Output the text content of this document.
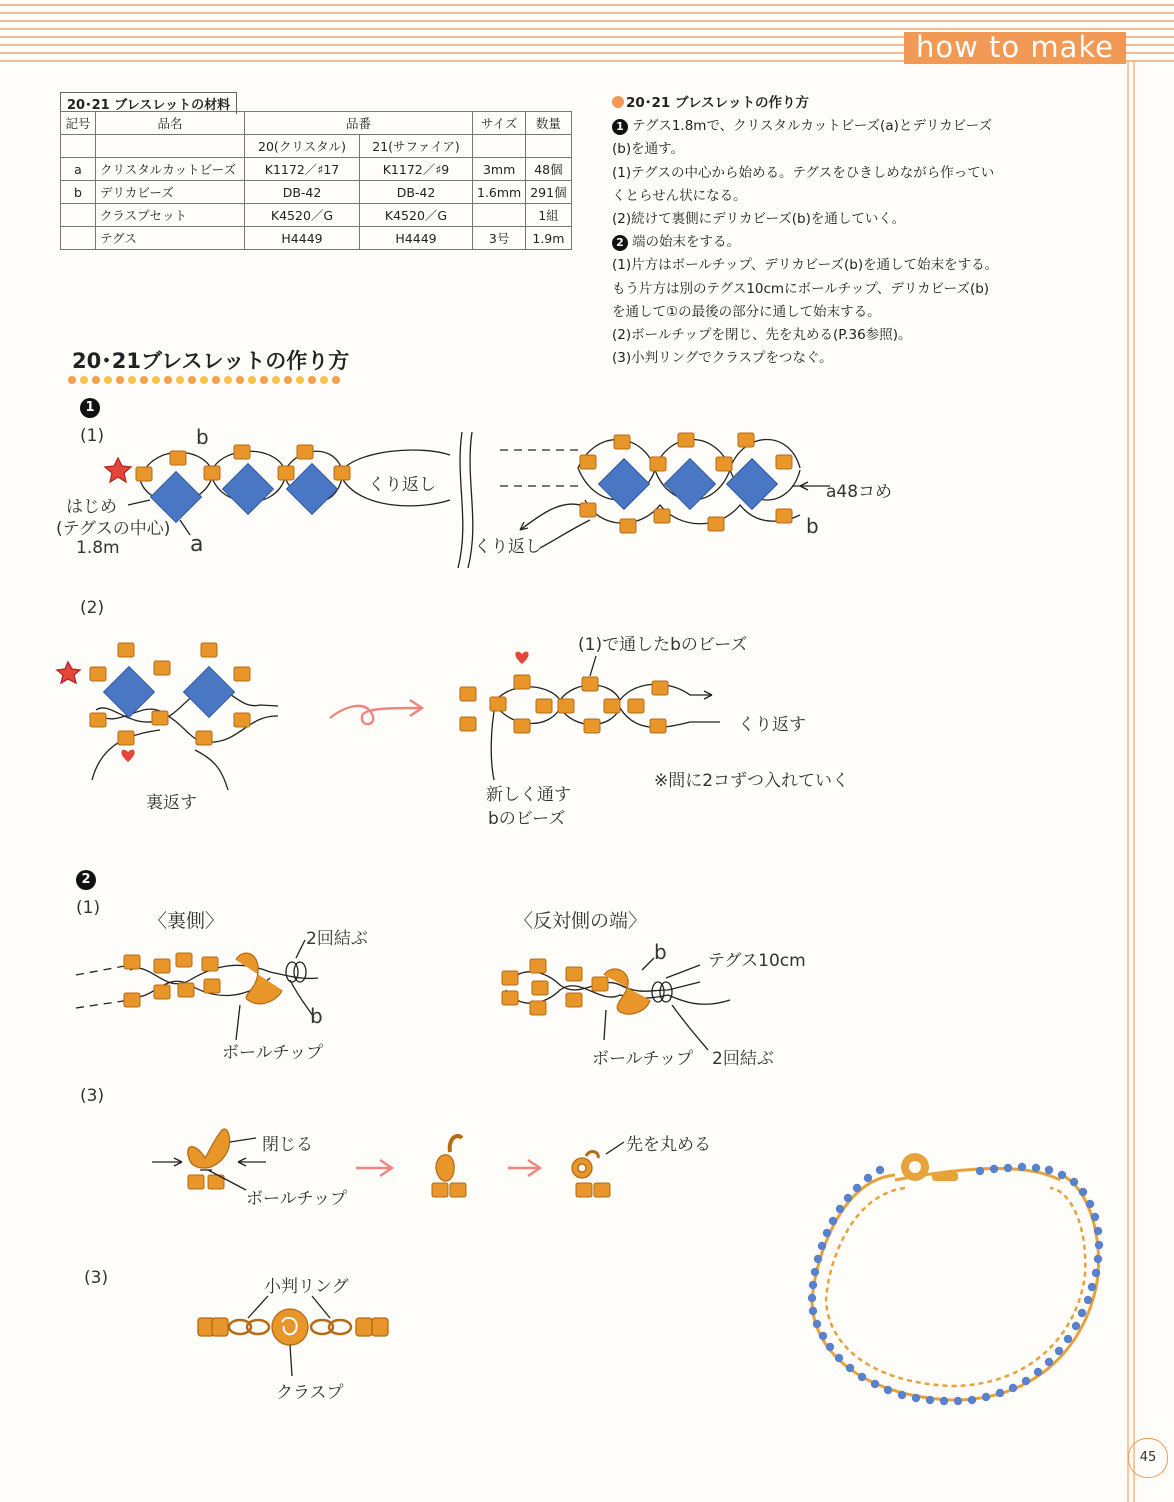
how to make
20･21 ブレスレットの材料
記号	品名	品番		サイズ	数量
		20(クリスタル)	21(サファイア)		
a	クリスタルカットビーズ	K1172／♯17	K1172／♯9	3mm	48個
b	デリカビーズ	DB-42	DB-42	1.6mm	291個
	クラスプセット	K4520／G	K4520／G		1組
	テグス	H4449	H4449	3号	1.9m
20･21 ブレスレットの作り方
1 テグス1.8mで、クリスタルカットビーズ(a)とデリカビーズ
(b)を通す。
(1)テグスの中心から始める。テグスをひきしめながら作ってい
くとらせん状になる。
(2)続けて裏側にデリカビーズ(b)を通していく。
2 端の始末をする。
(1)片方はボールチップ、デリカビーズ(b)を通して始末をする。
もう片方は別のテグス10cmにボールチップ、デリカビーズ(b)
を通して①の最後の部分に通して始末する。
(2)ボールチップを閉じ、先を丸める(P.36参照)。
(3)小判リングでクラスプをつなぐ。
20･21ブレスレットの作り方
1
2
(1)	b
はじめ
(テグスの中心)
1.8m	a
くり返し
くり返し
a48コめ
b
(2)
(1)で通したbのビーズ
くり返す
裏返す	新しく通す
bのビーズ
※間に2コずつ入れていく
(1)
〈裏側〉	〈反対側の端〉
2回結ぶ
b
ボールチップ
b テグス10cm
ボールチップ 2回結ぶ
(3)
閉じる
ボールチップ
先を丸める
(3)	小判リング
クラスプ
45
